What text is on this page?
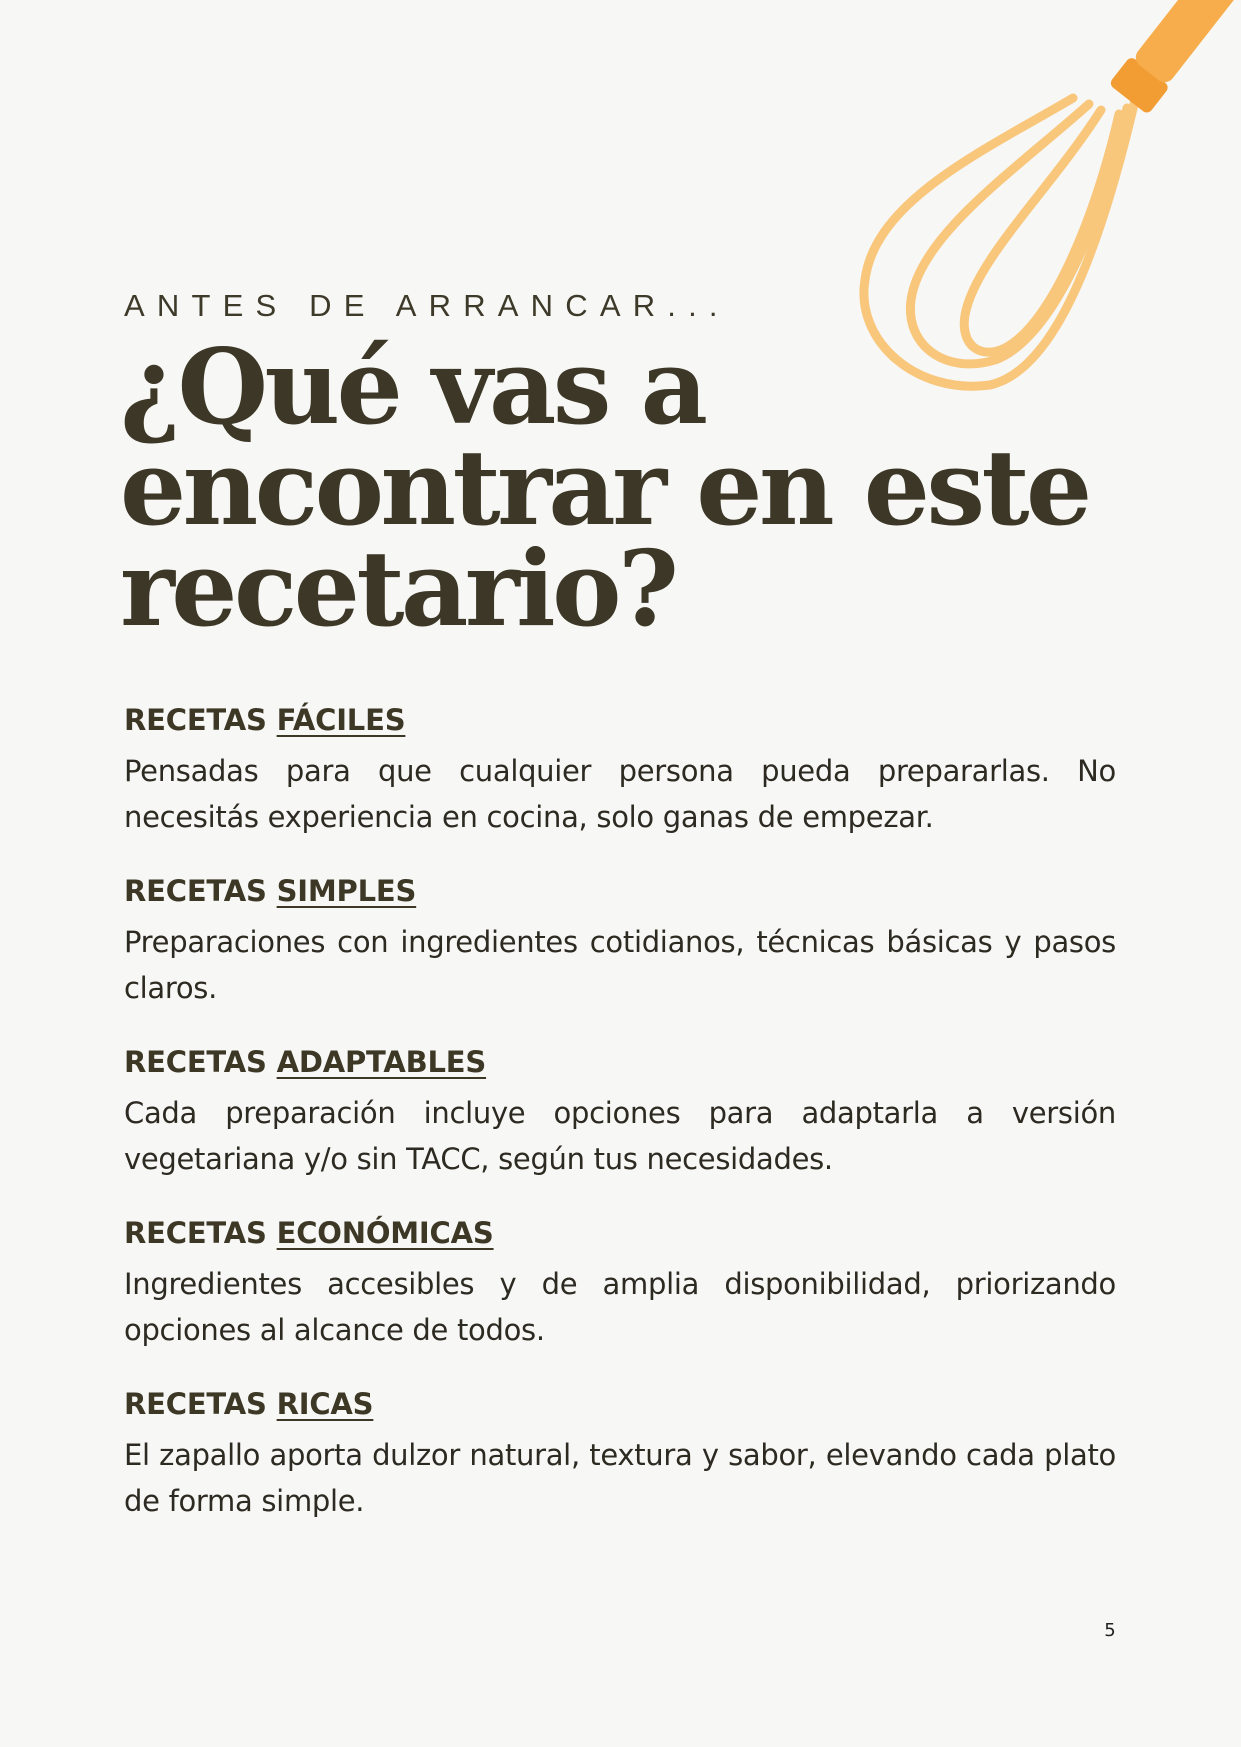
ANTES DE ARRANCAR...

¿Qué vas a encontrar en este recetario?
RECETAS FÁCILES

Pensadas para que cualquier persona pueda prepararlas. No necesitás experiencia en cocina, solo ganas de empezar.

RECETAS SIMPLES

Preparaciones con ingredientes cotidianos, técnicas básicas y pasos claros.

RECETAS ADAPTABLES

Cada preparación incluye opciones para adaptarla a versión vegetariana y/o sin TACC, según tus necesidades.

RECETAS ECONÓMICAS

Ingredientes accesibles y de amplia disponibilidad, priorizando opciones al alcance de todos.

RECETAS RICAS

El zapallo aporta dulzor natural, textura y sabor, elevando cada plato de forma simple.

5
